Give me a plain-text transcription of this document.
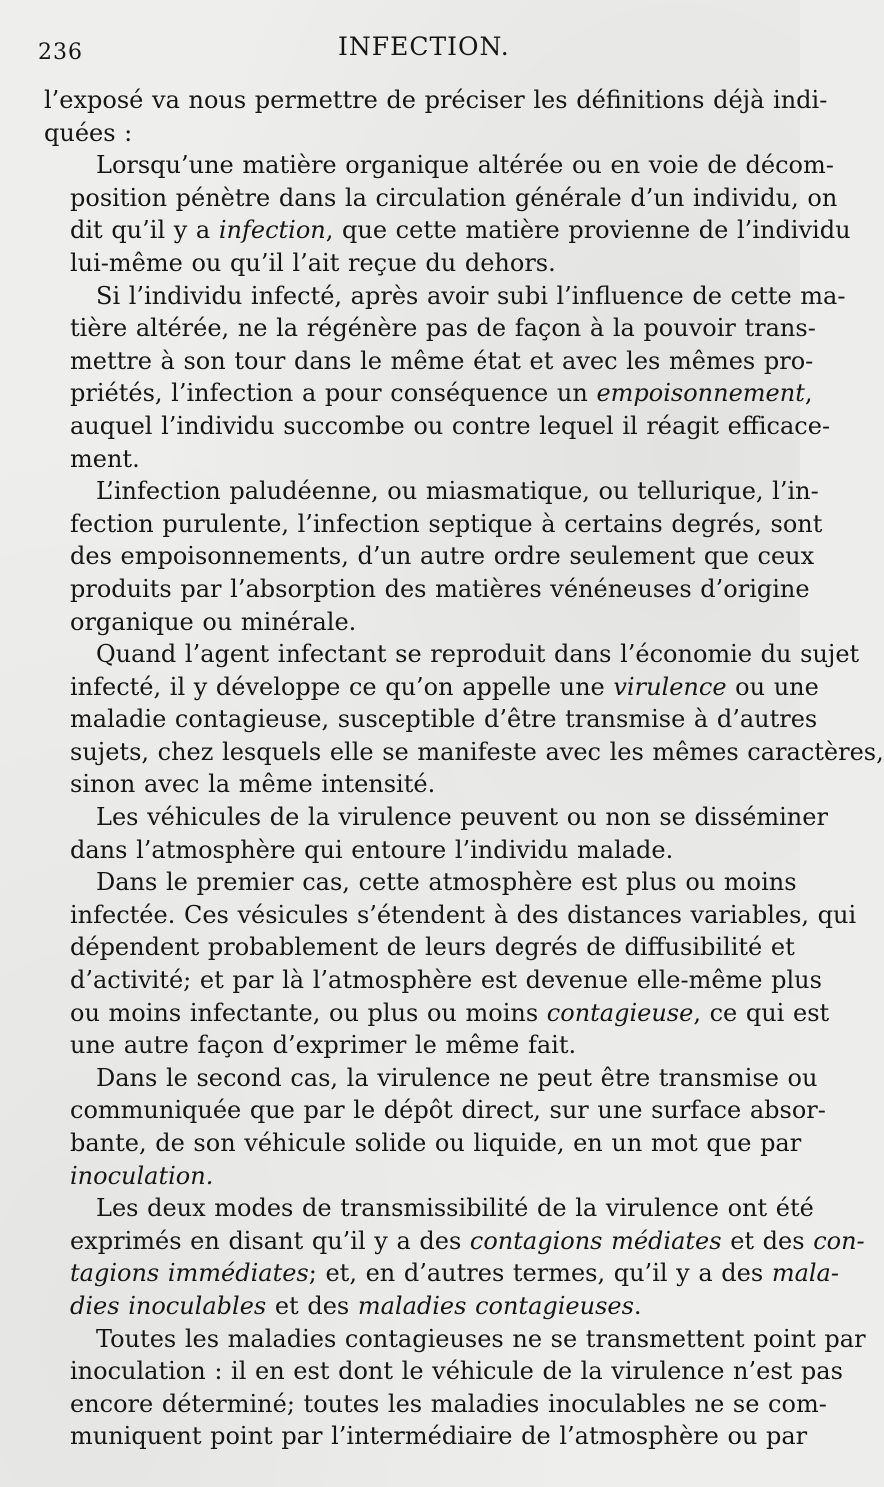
236	INFECTION.
l’exposé va nous permettre de préciser les définitions déjà indi-
quées :
Lorsqu’une matière organique altérée ou en voie de décom-
position pénètre dans la circulation générale d’un individu, on
dit qu’il y a infection, que cette matière provienne de l’individu
lui-même ou qu’il l’ait reçue du dehors.
Si l’individu infecté, après avoir subi l’influence de cette ma-
tière altérée, ne la régénère pas de façon à la pouvoir trans-
mettre à son tour dans le même état et avec les mêmes pro-
priétés, l’infection a pour conséquence un empoisonnement,
auquel l’individu succombe ou contre lequel il réagit efficace-
ment.
L’infection paludéenne, ou miasmatique, ou tellurique, l’in-
fection purulente, l’infection septique à certains degrés, sont
des empoisonnements, d’un autre ordre seulement que ceux
produits par l’absorption des matières vénéneuses d’origine
organique ou minérale.
Quand l’agent infectant se reproduit dans l’économie du sujet
infecté, il y développe ce qu’on appelle une virulence ou une
maladie contagieuse, susceptible d’être transmise à d’autres
sujets, chez lesquels elle se manifeste avec les mêmes caractères,
sinon avec la même intensité.
Les véhicules de la virulence peuvent ou non se disséminer
dans l’atmosphère qui entoure l’individu malade.
Dans le premier cas, cette atmosphère est plus ou moins
infectée. Ces vésicules s’étendent à des distances variables, qui
dépendent probablement de leurs degrés de diffusibilité et
d’activité; et par là l’atmosphère est devenue elle-même plus
ou moins infectante, ou plus ou moins contagieuse, ce qui est
une autre façon d’exprimer le même fait.
Dans le second cas, la virulence ne peut être transmise ou
communiquée que par le dépôt direct, sur une surface absor-
bante, de son véhicule solide ou liquide, en un mot que par
inoculation.
Les deux modes de transmissibilité de la virulence ont été
exprimés en disant qu’il y a des contagions médiates et des con-
tagions immédiates; et, en d’autres termes, qu’il y a des mala-
dies inoculables et des maladies contagieuses.
Toutes les maladies contagieuses ne se transmettent point par
inoculation : il en est dont le véhicule de la virulence n’est pas
encore déterminé; toutes les maladies inoculables ne se com-
muniquent point par l’intermédiaire de l’atmosphère ou par
